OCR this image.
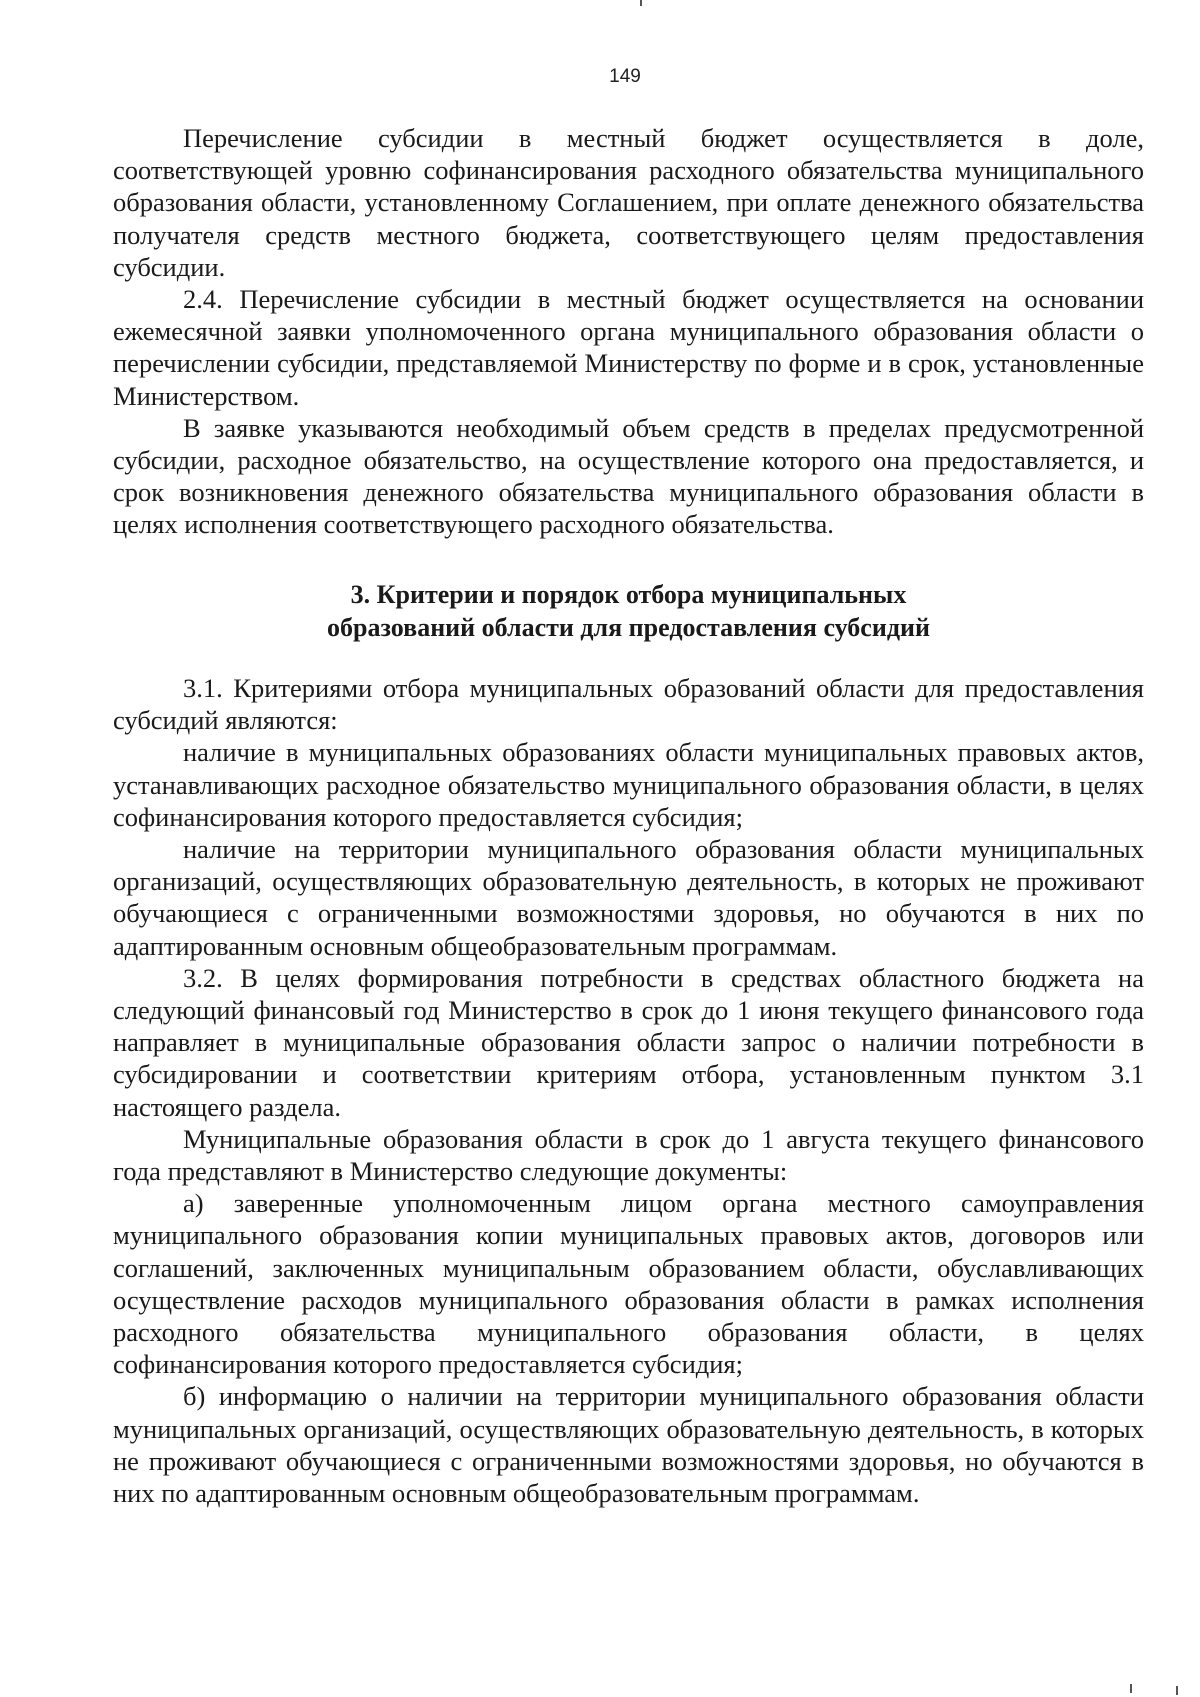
149

Перечисление субсидии в местный бюджет осуществляется в доле, соответствующей уровню софинансирования расходного обязательства муниципального образования области, установленному Соглашением, при оплате денежного обязательства получателя средств местного бюджета, соответствующего целям предоставления субсидии.

2.4. Перечисление субсидии в местный бюджет осуществляется на основании ежемесячной заявки уполномоченного органа муниципального образования области о перечислении субсидии, представляемой Министерству по форме и в срок, установленные Министерством.

В заявке указываются необходимый объем средств в пределах предусмотренной субсидии, расходное обязательство, на осуществление которого она предоставляется, и срок возникновения денежного обязательства муниципального образования области в целях исполнения соответствующего расходного обязательства.

3. Критерии и порядок отбора муниципальных
образований области для предоставления субсидий

3.1. Критериями отбора муниципальных образований области для предоставления субсидий являются:

наличие в муниципальных образованиях области муниципальных правовых актов, устанавливающих расходное обязательство муниципального образования области, в целях софинансирования которого предоставляется субсидия;

наличие на территории муниципального образования области муниципальных организаций, осуществляющих образовательную деятельность, в которых не проживают обучающиеся с ограниченными возможностями здоровья, но обучаются в них по адаптированным основным общеобразовательным программам.

3.2. В целях формирования потребности в средствах областного бюджета на следующий финансовый год Министерство в срок до 1 июня текущего финансового года направляет в муниципальные образования области запрос о наличии потребности в субсидировании и соответствии критериям отбора, установленным пунктом 3.1 настоящего раздела.

Муниципальные образования области в срок до 1 августа текущего финансового года представляют в Министерство следующие документы:

а) заверенные уполномоченным лицом органа местного самоуправления муниципального образования копии муниципальных правовых актов, договоров или соглашений, заключенных муниципальным образованием области, обуславливающих осуществление расходов муниципального образования области в рамках исполнения расходного обязательства муниципального образования области, в целях софинансирования которого предоставляется субсидия;

б) информацию о наличии на территории муниципального образования области муниципальных организаций, осуществляющих образовательную деятельность, в которых не проживают обучающиеся с ограниченными возможностями здоровья, но обучаются в них по адаптированным основным общеобразовательным программам.
